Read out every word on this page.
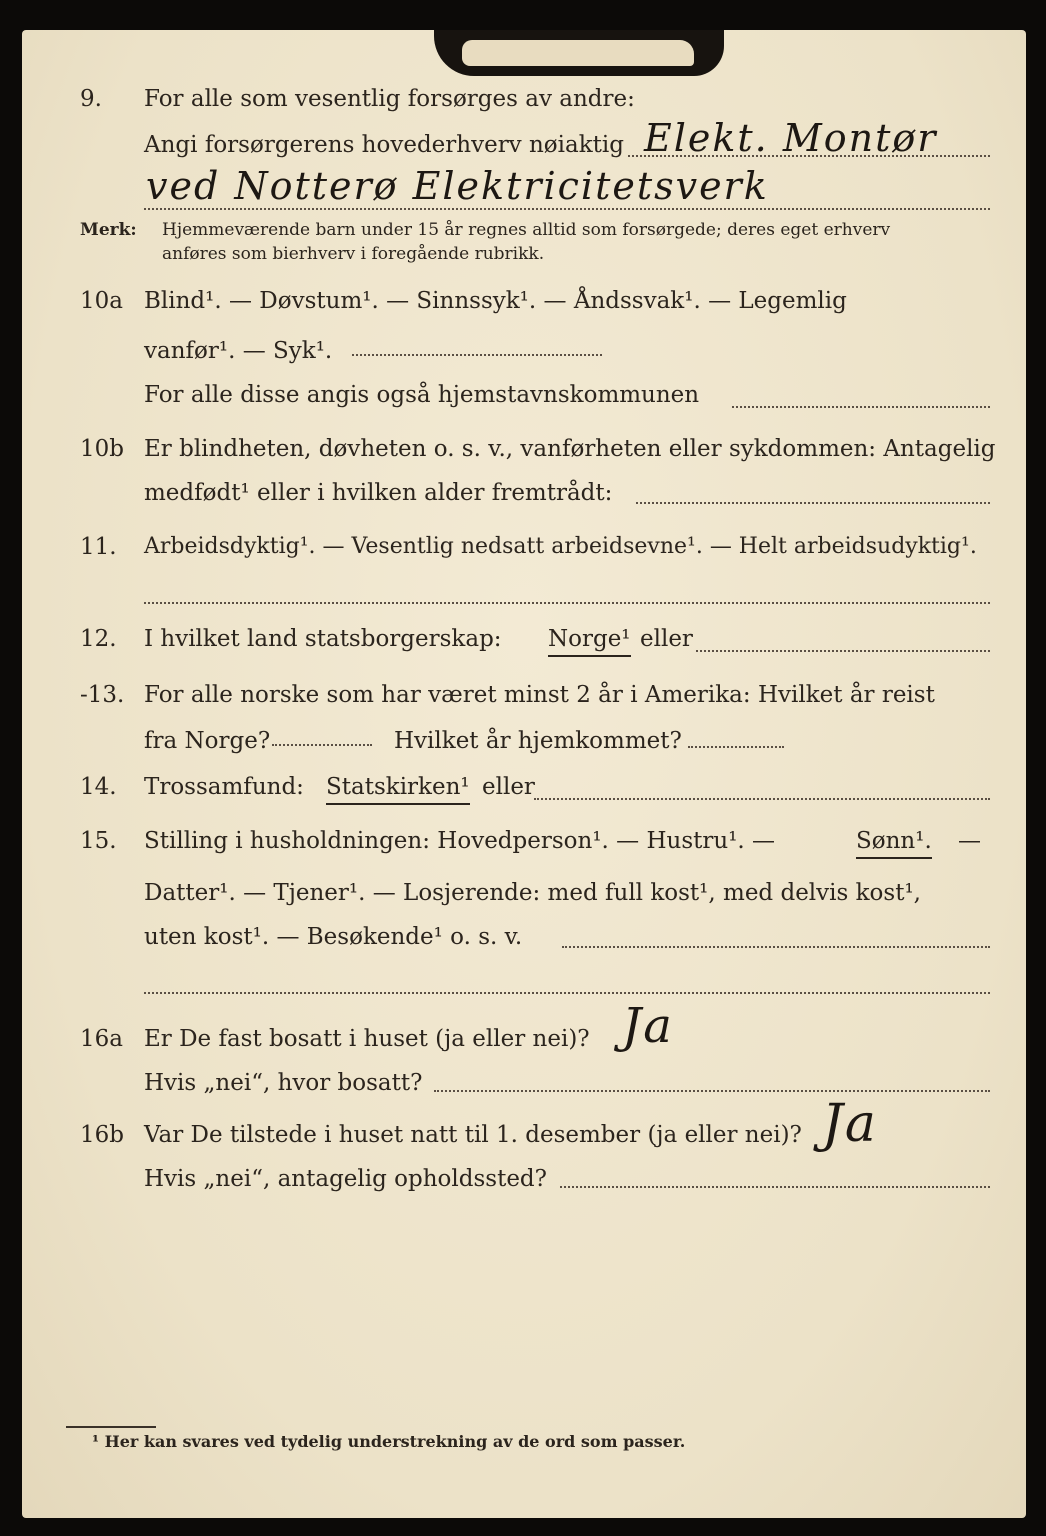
9.	For alle som vesentlig forsørges av andre:
Angi forsørgerens hovederhverv nøiaktig Elekt. Montør
ved Notterø Elektricitetsverk
Merk: Hjemmeværende barn under 15 år regnes alltid som forsørgede; deres eget erhverv
anføres som bierhverv i foregående rubrikk.
10a Blind¹. — Døvstum¹. — Sinnssyk¹. — Åndssvak¹. — Legemlig
vanfør¹. — Syk¹.
For alle disse angis også hjemstavnskommunen
10b Er blindheten, døvheten o. s. v., vanførheten eller sykdommen: Antagelig
medfødt¹ eller i hvilken alder fremtrådt:
11.	Arbeidsdyktig¹. — Vesentlig nedsatt arbeidsevne¹. — Helt arbeidsudyktig¹.
12.	I hvilket land statsborgerskap: Norge¹ eller
-13. For alle norske som har været minst 2 år i Amerika: Hvilket år reist
fra Norge?	Hvilket år hjemkommet?
14.	Trossamfund: Statskirken¹ eller
15.	Stilling i husholdningen: Hovedperson¹. — Hustru¹. —	Sønn¹. —
Datter¹. — Tjener¹. — Losjerende: med full kost¹, med delvis kost¹,
uten kost¹. — Besøkende¹ o. s. v.
16a Er De fast bosatt i huset (ja eller nei)? Ja
Hvis „nei“, hvor bosatt?
16b Var De tilstede i huset natt til 1. desember (ja eller nei)? Ja
Hvis „nei“, antagelig opholdssted?
¹ Her kan svares ved tydelig understrekning av de ord som passer.
